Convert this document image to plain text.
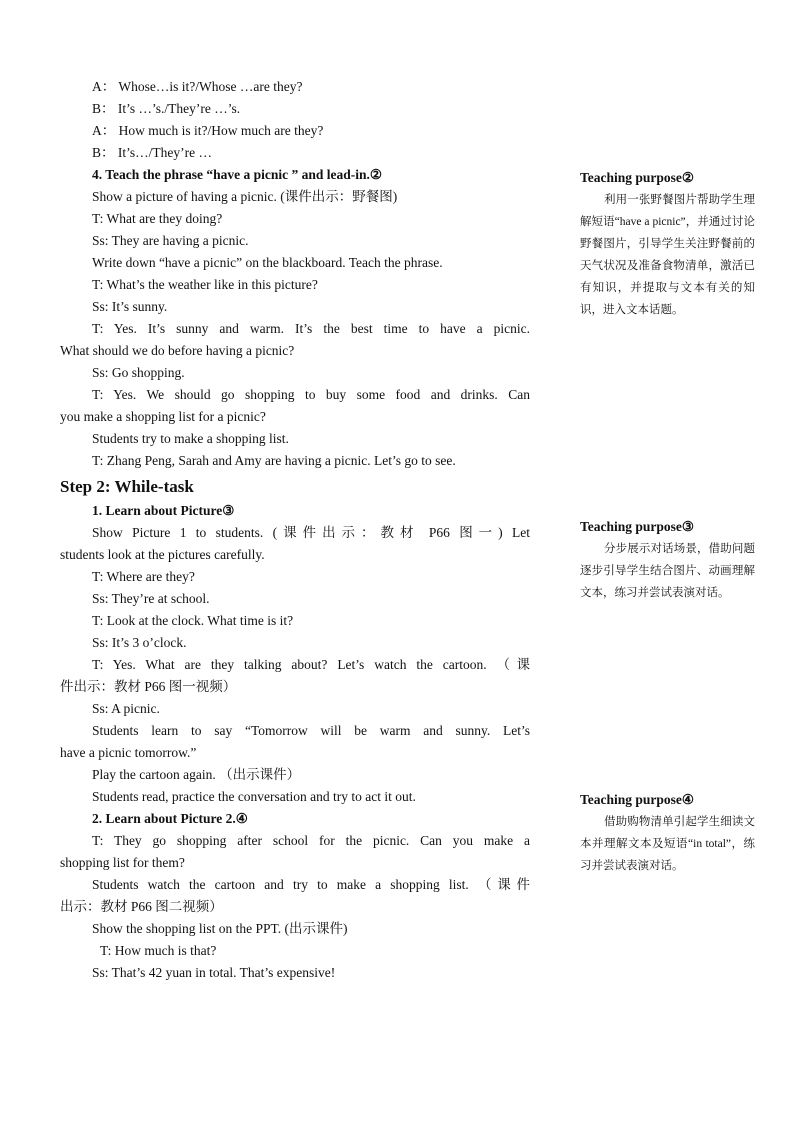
A： Whose…is it?/Whose …are they?
B： It’s …’s./They’re …’s.
A： How much is it?/How much are they?
B： It’s…/They’re …
4. Teach the phrase “have a picnic ” and lead-in.②
Show a picture of having a picnic. (课件出示：野餐图)
T: What are they doing?
Ss: They are having a picnic.
Write down “have a picnic” on the blackboard. Teach the phrase.
T: What’s the weather like in this picture?
Ss: It’s sunny.
T: Yes. It’s sunny and warm. It’s the best time to have a picnic.
What should we do before having a picnic?
Ss: Go shopping.
T: Yes. We should go shopping to buy some food and drinks. Can
you make a shopping list for a picnic?
Students try to make a shopping list.
T: Zhang Peng, Sarah and Amy are having a picnic. Let’s go to see.
Step 2: While-task
1. Learn about Picture③
Show Picture 1 to students. (课件出示：教材 P66 图一) Let
students look at the pictures carefully.
T: Where are they?
Ss: They’re at school.
T: Look at the clock. What time is it?
Ss: It’s 3 o’clock.
T: Yes. What are they talking about? Let’s watch the cartoon. （课
件出示：教材 P66 图一视频）
Ss: A picnic.
Students learn to say “Tomorrow will be warm and sunny. Let’s
have a picnic tomorrow.”
Play the cartoon again. （出示课件）
Students read, practice the conversation and try to act it out.
2. Learn about Picture 2.④
T: They go shopping after school for the picnic. Can you make a
shopping list for them?
Students watch the cartoon and try to make a shopping list. （课件
出示：教材 P66 图二视频）
Show the shopping list on the PPT. (出示课件)
T: How much is that?
Ss: That’s 42 yuan in total. That’s expensive!
Teaching purpose②
利用一张野餐图片帮助学生理解短语“have a picnic”，并通过讨论野餐图片，引导学生关注野餐前的天气状况及准备食物清单，激活已有知识，并提取与文本有关的知识，进入文本话题。
Teaching purpose③
分步展示对话场景，借助问题逐步引导学生结合图片、动画理解文本，练习并尝试表演对话。
Teaching purpose④
借助购物清单引起学生细读文本并理解文本及短语“in total”，练习并尝试表演对话。
